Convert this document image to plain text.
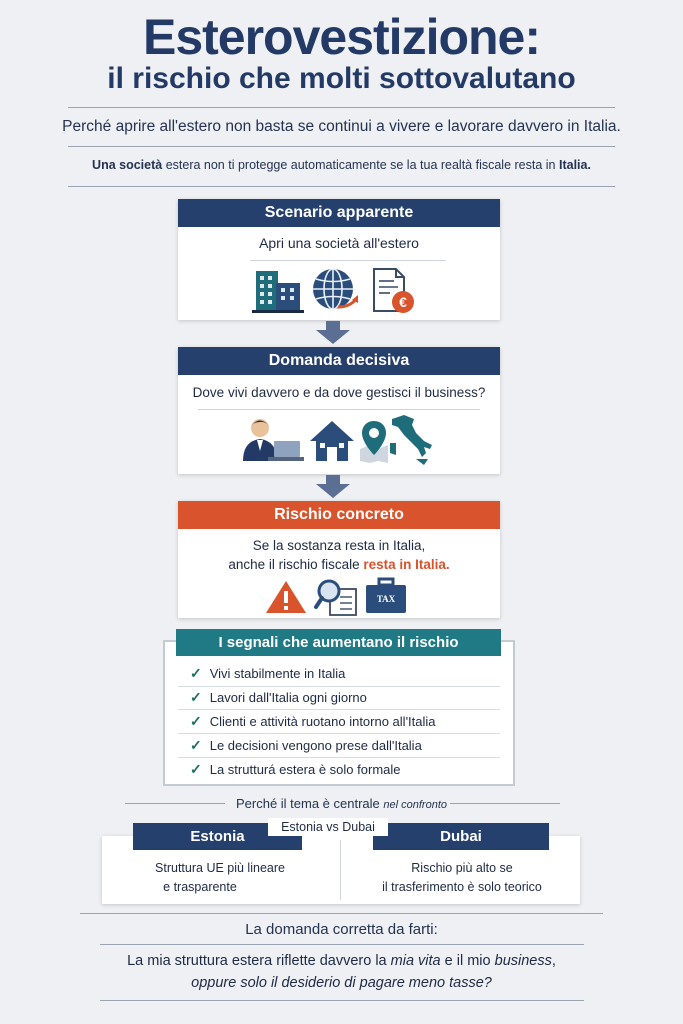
Esterovestizione:
il rischio che molti sottovalutano
Perché aprire all'estero non basta se continui a vivere e lavorare davvero in Italia.
Una società estera non ti protegge automaticamente se la tua realtà fiscale resta in Italia.
Scenario apparente
Apri una società all'estero
€
Domanda decisiva
Dove vivi davvero e da dove gestisci il business?
Rischio concreto
Se la sostanza resta in Italia,
anche il rischio fiscale resta in Italia.
TAX
I segnali che aumentano il rischio
✓ Vivi stabilmente in Italia
✓ Lavori dall'Italia ogni giorno
✓ Clienti e attività ruotano intorno all'Italia
✓ Le decisioni vengono prese dall'Italia
✓ La strutturá estera è solo formale
Perché il tema è centrale nel confronto
Estonia	Dubai
Estonia vs Dubai
Struttura UE più lineare
e trasparente
Rischio più alto se
il trasferimento è solo teorico
La domanda corretta da farti:
La mia struttura estera riflette davvero la mia vita e il mio business,
oppure solo il desiderio di pagare meno tasse?
